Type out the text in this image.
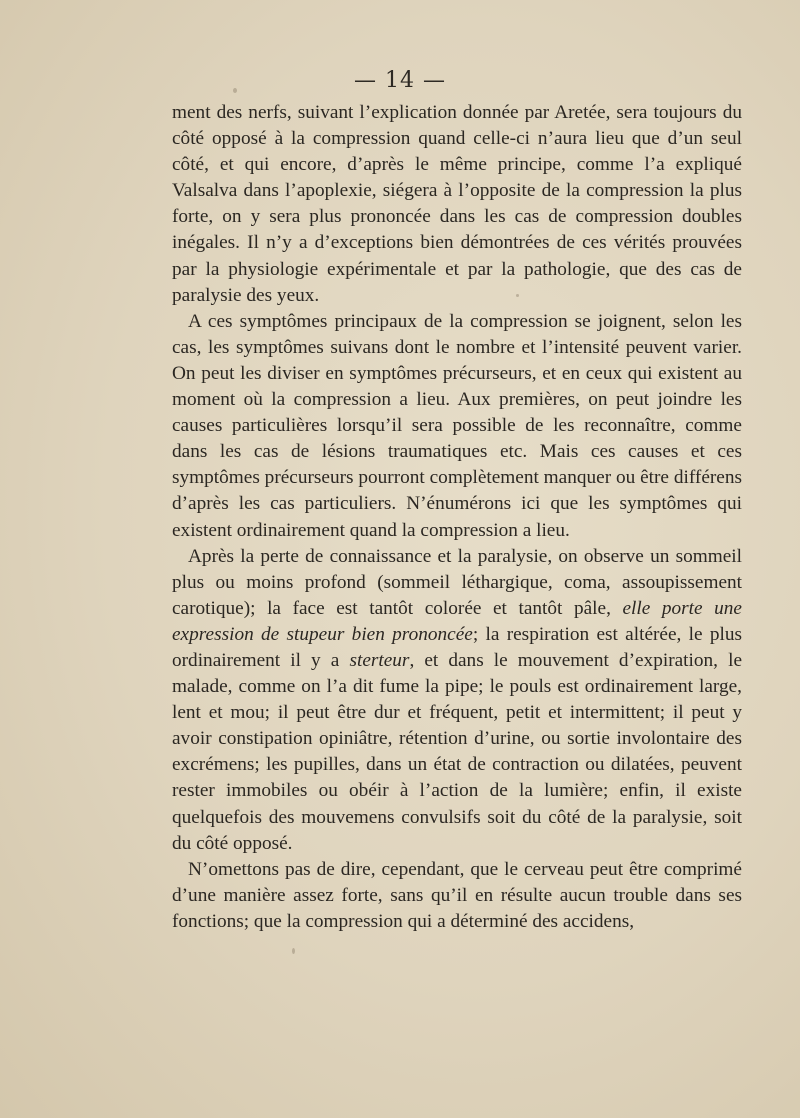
— 14 —

ment des nerfs, suivant l’explication donnée par Aretée, sera toujours du côté opposé à la compression quand celle-ci n’aura lieu que d’un seul côté, et qui encore, d’après le même principe, comme l’a expliqué Valsalva dans l’apoplexie, siégera à l’opposite de la compression la plus forte, on y sera plus prononcée dans les cas de compression doubles inégales. Il n’y a d’exceptions bien démontrées de ces vérités prouvées par la physiologie expérimentale et par la pathologie, que des cas de paralysie des yeux.

A ces symptômes principaux de la compression se joignent, selon les cas, les symptômes suivans dont le nombre et l’intensité peuvent varier. On peut les diviser en symptômes précurseurs, et en ceux qui existent au moment où la compression a lieu. Aux premières, on peut joindre les causes particulières lorsqu’il sera possible de les reconnaître, comme dans les cas de lésions traumatiques etc. Mais ces causes et ces symptômes précurseurs pourront complètement manquer ou être différens d’après les cas particuliers. N’énumérons ici que les symptômes qui existent ordinairement quand la compression a lieu.

Après la perte de connaissance et la paralysie, on observe un sommeil plus ou moins profond (sommeil léthargique, coma, assoupissement carotique); la face est tantôt colorée et tantôt pâle, elle porte une expression de stupeur bien prononcée; la respiration est altérée, le plus ordinairement il y a sterteur, et dans le mouvement d’expiration, le malade, comme on l’a dit fume la pipe; le pouls est ordinairement large, lent et mou; il peut être dur et fréquent, petit et intermittent; il peut y avoir constipation opiniâtre, rétention d’urine, ou sortie involontaire des excrémens; les pupilles, dans un état de contraction ou dilatées, peuvent rester immobiles ou obéir à l’action de la lumière; enfin, il existe quelquefois des mouvemens convulsifs soit du côté de la paralysie, soit du côté opposé.

N’omettons pas de dire, cependant, que le cerveau peut être comprimé d’une manière assez forte, sans qu’il en résulte aucun trouble dans ses fonctions; que la compression qui a déterminé des accidens,
